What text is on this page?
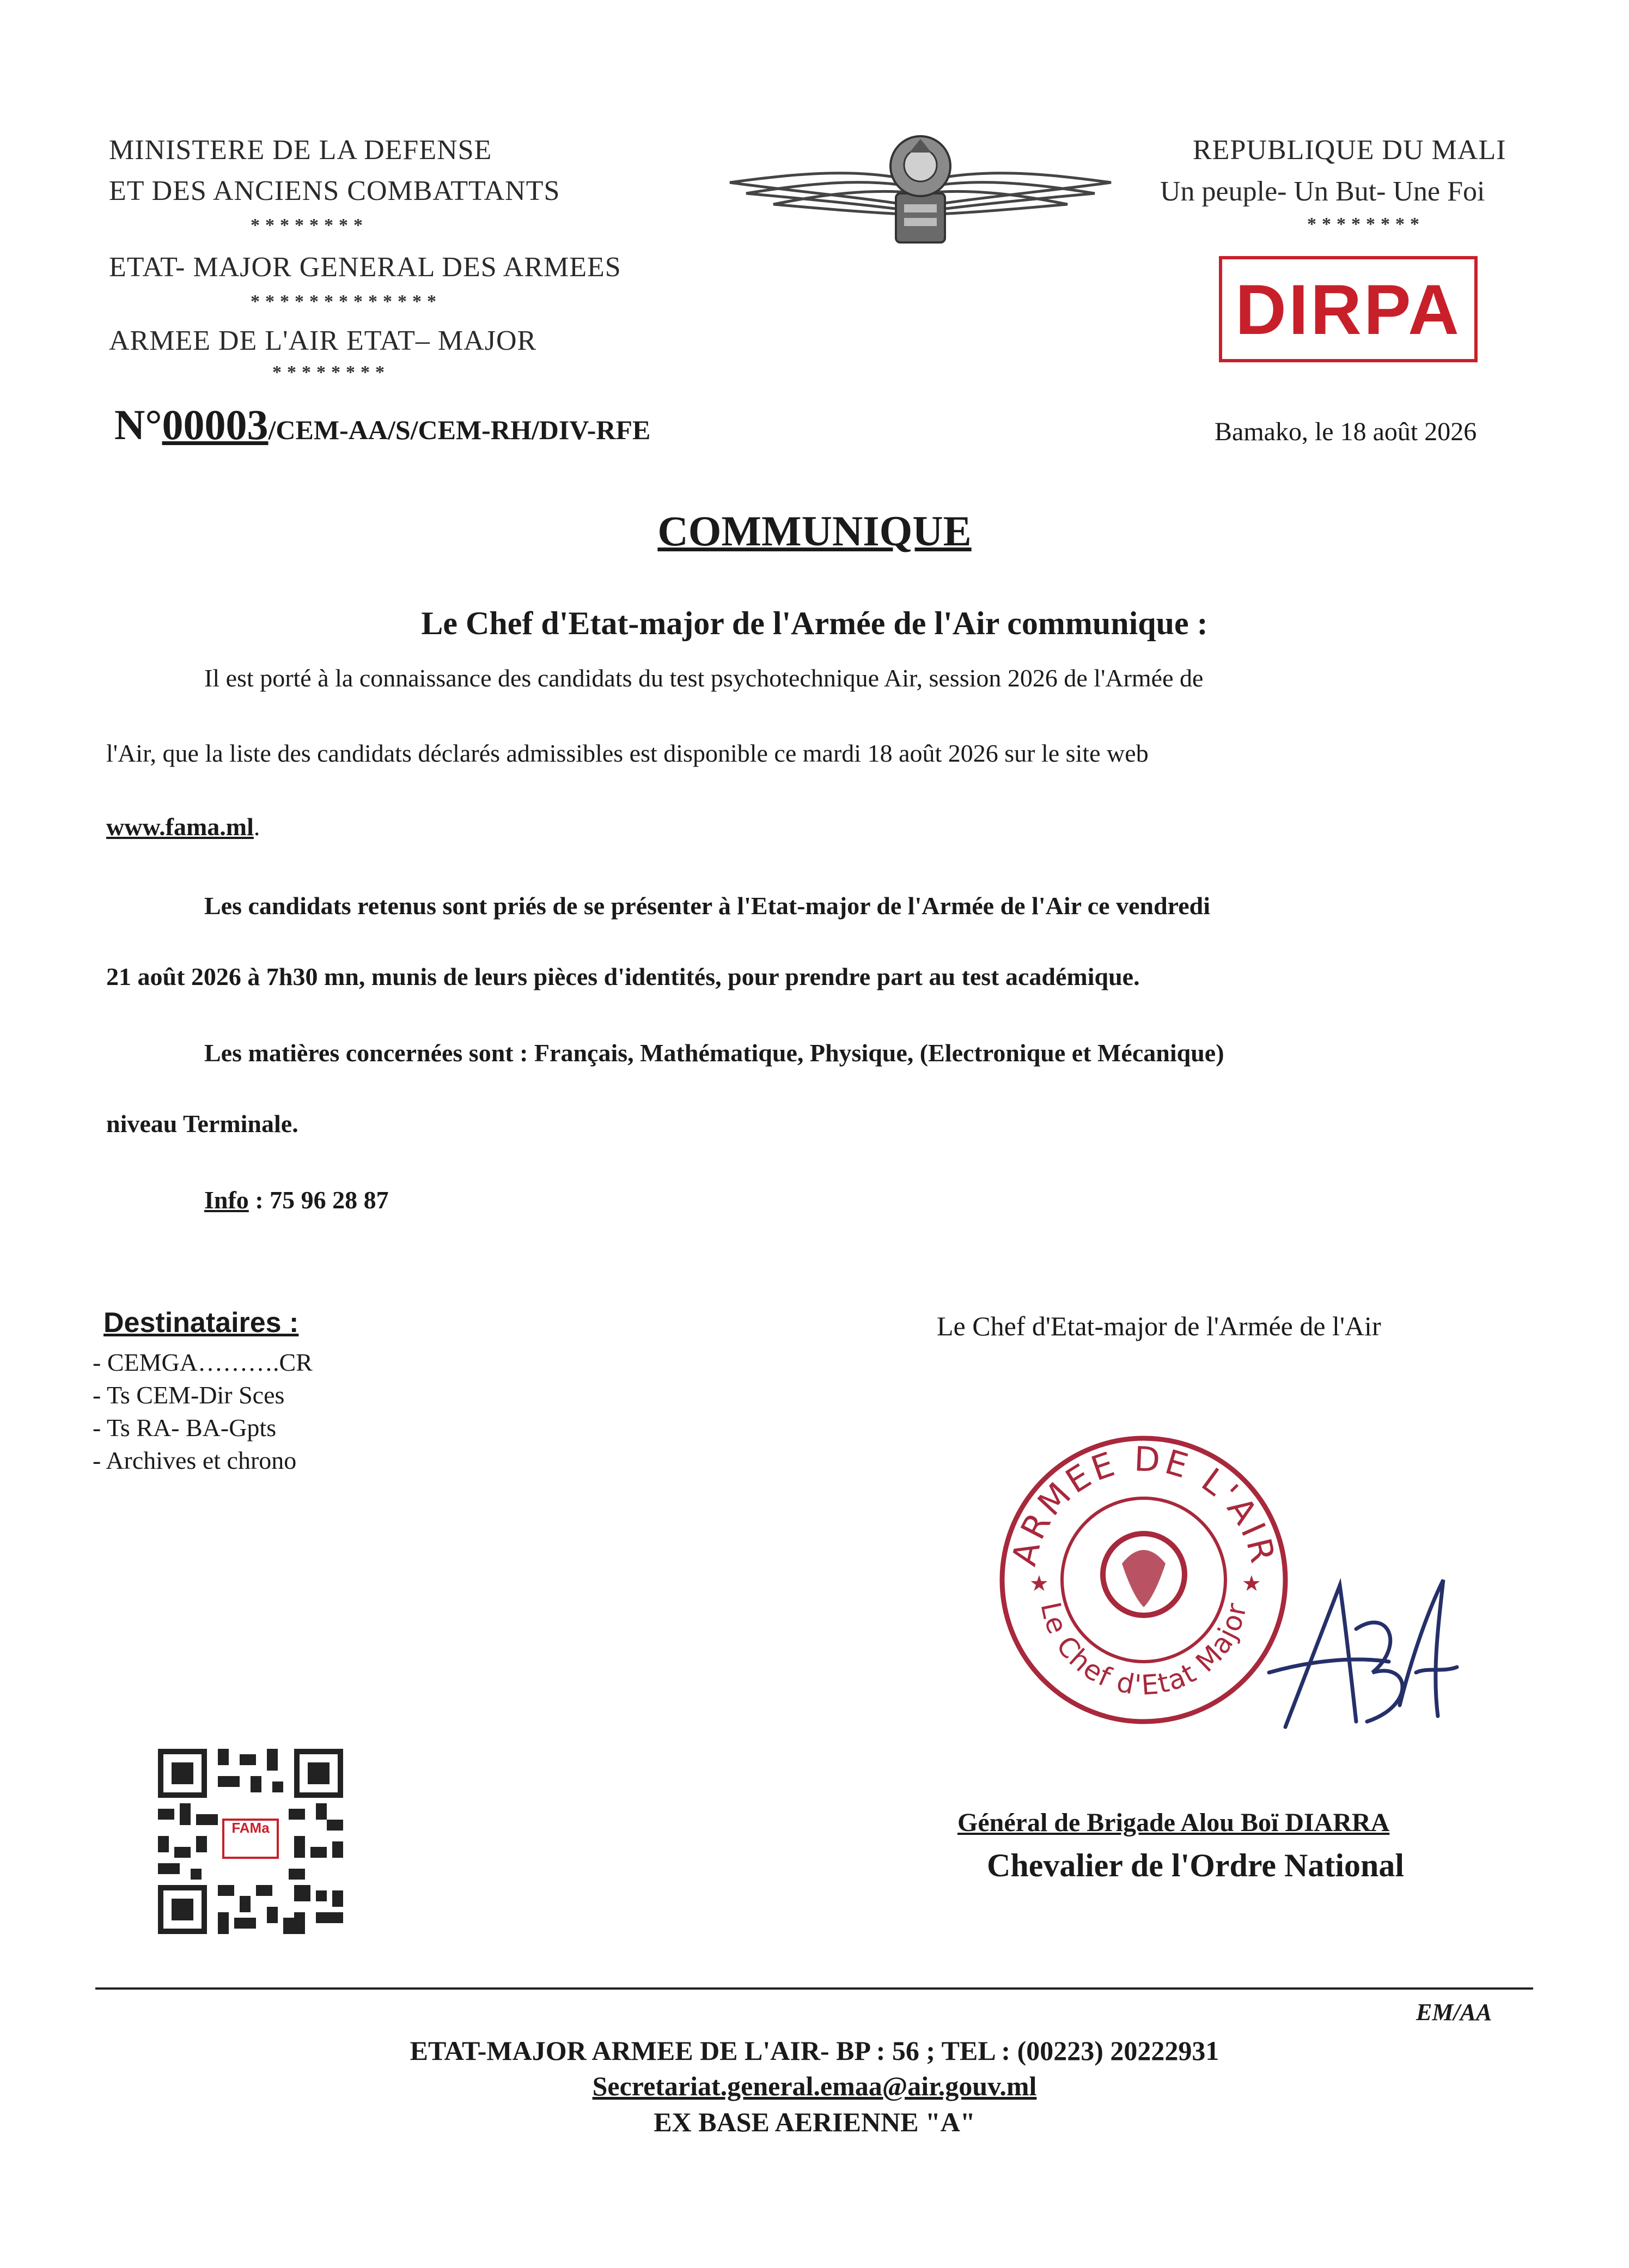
MINISTERE DE LA DEFENSE
ET DES ANCIENS COMBATTANTS
********
ETAT- MAJOR GENERAL DES ARMEES
*************
ARMEE DE L'AIR ETAT– MAJOR
********
REPUBLIQUE DU MALI
Un peuple- Un But- Une Foi
********
DIRPA
N°00003/CEM-AA/S/CEM-RH/DIV-RFE	Bamako, le 18 août 2026
COMMUNIQUE
Le Chef d'Etat-major de l'Armée de l'Air communique :
Il est porté à la connaissance des candidats du test psychotechnique Air, session 2026 de l'Armée de
l'Air, que la liste des candidats déclarés admissibles est disponible ce mardi 18 août 2026 sur le site web
www.fama.ml.
Les candidats retenus sont priés de se présenter à l'Etat-major de l'Armée de l'Air ce vendredi
21 août 2026 à 7h30 mn, munis de leurs pièces d'identités, pour prendre part au test académique.
Les matières concernées sont : Français, Mathématique, Physique, (Electronique et Mécanique)
niveau Terminale.
Info : 75 96 28 87
Destinataires :
- CEMGA……….CR
- Ts CEM-Dir Sces
- Ts RA- BA-Gpts
- Archives et chrono
Le Chef d'Etat-major de l'Armée de l'Air
ARMEE DE L'AIR
Le Chef d'Etat Major
★	★
Général de Brigade Alou Boï DIARRA
Chevalier de l'Ordre National
FAMa
EM/AA
ETAT-MAJOR ARMEE DE L'AIR- BP : 56 ; TEL : (00223) 20222931
Secretariat.general.emaa@air.gouv.ml
EX BASE AERIENNE "A"
